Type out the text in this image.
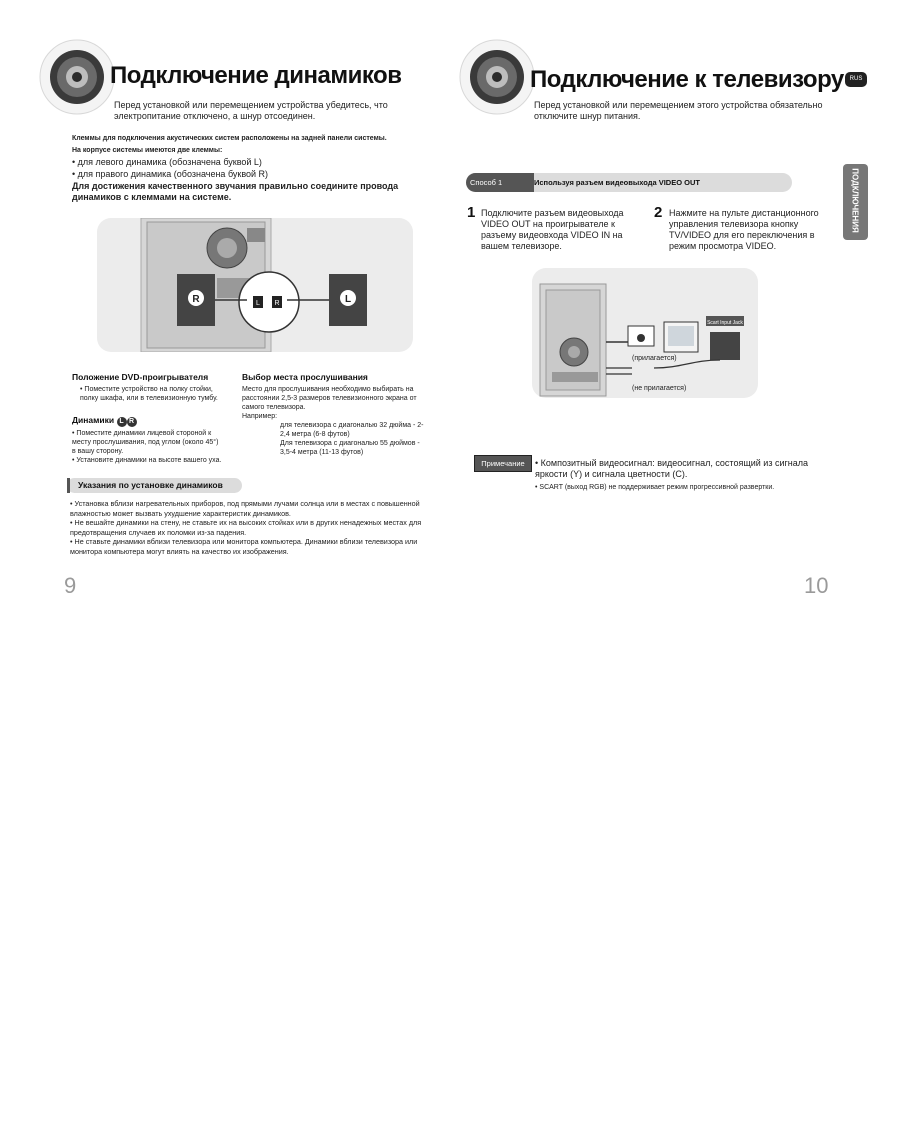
Подключение динамиков
Перед установкой или перемещением устройства убедитесь, что электропитание отключено, а шнур отсоединен.
Клеммы для подключения акустических систем расположены на задней панели системы.
На корпусе системы имеются две клеммы:
• для левого динамика (обозначена буквой L)
• для правого динамика (обозначена буквой R)
Для достижения качественного звучания правильно соедините провода динамиков с клеммами на системе.
R	L
L R
Положение DVD-проигрывателя
• Поместите устройство на полку стойки, полку шкафа, или в телевизионную тумбу.
Динамики L R
• Поместите динамики лицевой стороной к месту прослушивания, под углом (около 45°) в вашу сторону.
• Установите динамики на высоте вашего уха.
Выбор места прослушивания
Место для прослушивания необходимо выбирать на расстоянии 2,5-3 размеров телевизионного экрана от самого телевизора.
Например:
для телевизора с диагональю 32 дюйма - 2-2,4 метра (6-8 футов)
Для телевизора с диагональю 55 дюймов - 3,5-4 метра (11-13 футов)
Указания по установке динамиков
• Установка вблизи нагревательных приборов, под прямыми лучами солнца или в местах с повышенной влажностью может вызвать ухудшение характеристик динамиков.
• Не вешайте динамики на стену, не ставьте их на высоких стойках или в других ненадежных местах для предотвращения случаев их поломки из-за падения.
• Не ставьте динамики вблизи телевизора или монитора компьютера. Динамики вблизи телевизора или монитора компьютера могут влиять на качество их изображения.
9
Подключение к телевизору RUS
Перед установкой или перемещением этого устройства обязательно отключите шнур питания.
ПОДКЛЮЧЕНИЯ
Способ 1	Используя разъем видеовыхода VIDEO OUT
1 Подключите разъем видеовыхода VIDEO OUT на проигрывателе к разъему видеовхода VIDEO IN на вашем телевизоре.
2 Нажмите на пульте дистанционного управления телевизора кнопку TV/VIDEO для его переключения в режим просмотра VIDEO.
Scart Input Jack
(прилагается)
(не прилагается)
Примечание	• Композитный видеосигнал: видеосигнал, состоящий из сигнала яркости (Y) и сигнала цветности (C).
• SCART (выход RGB) не поддерживает режим прогрессивной развертки.
10
